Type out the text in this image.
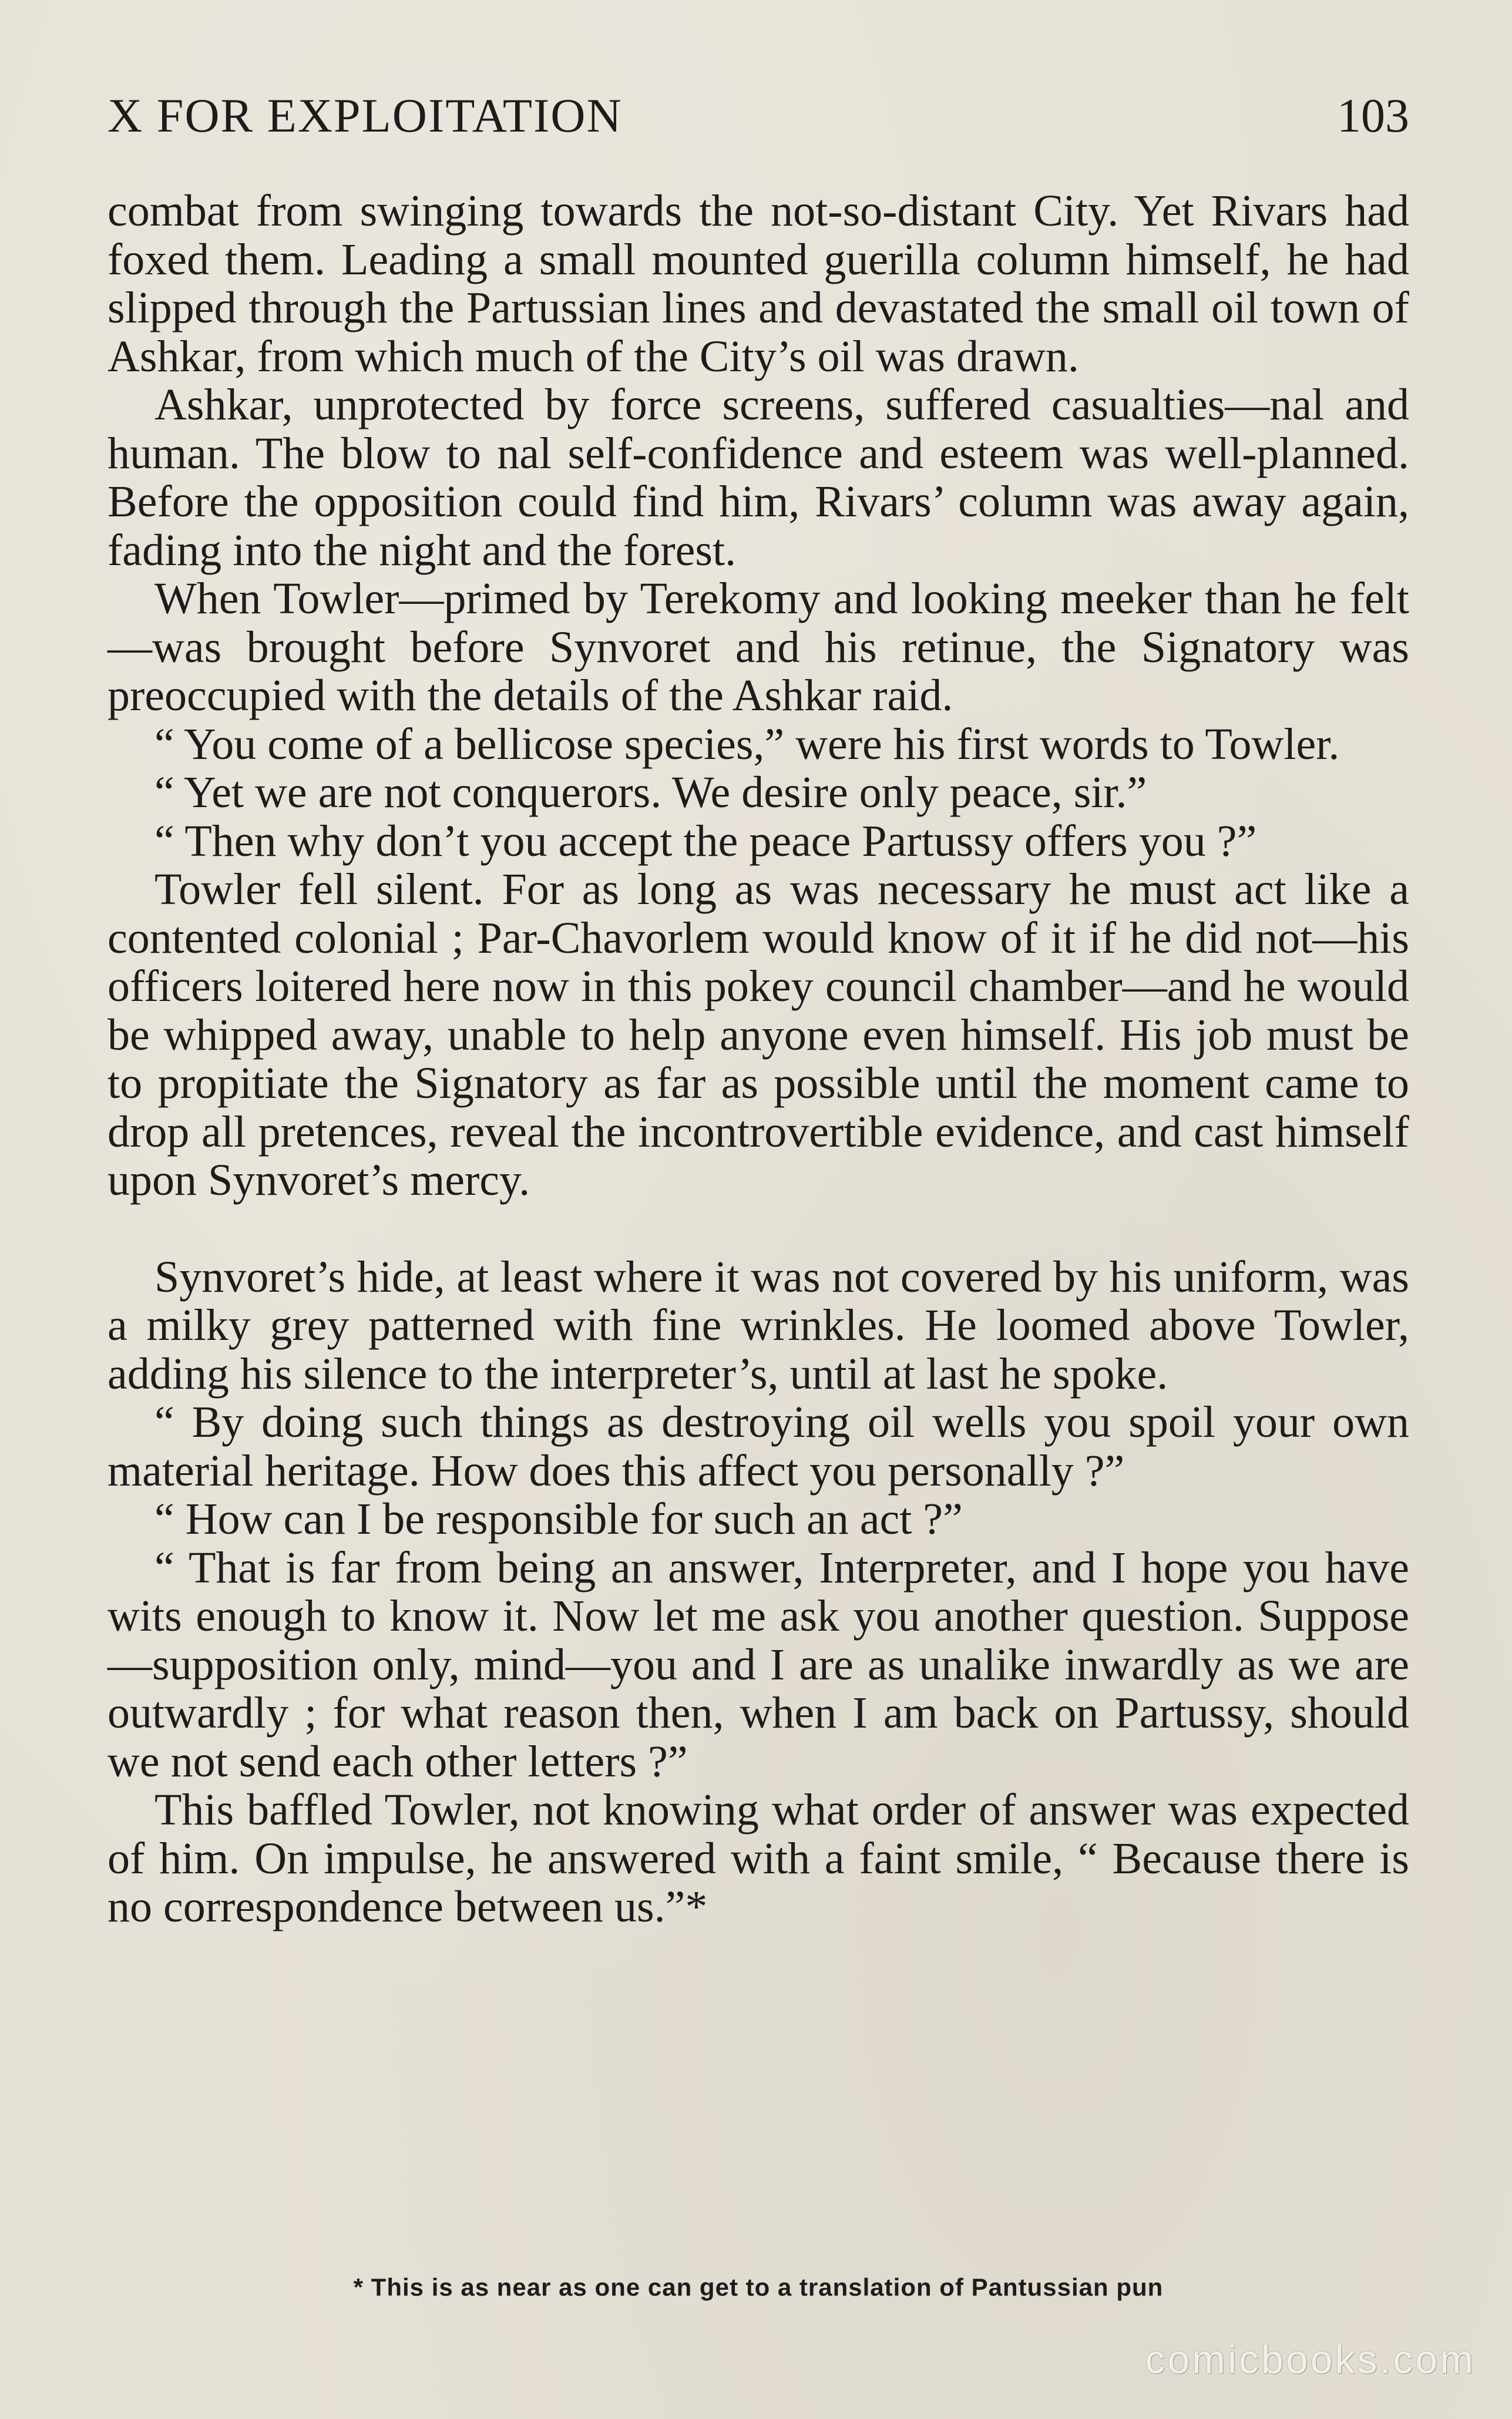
X FOR EXPLOITATION	103

combat from swinging towards the not-so-distant City. Yet Rivars had foxed them. Leading a small mounted guerilla column himself, he had slipped through the Partussian lines and devastated the small oil town of Ashkar, from which much of the City’s oil was drawn.

Ashkar, unprotected by force screens, suffered casualties—nal and human. The blow to nal self-confidence and esteem was well-planned. Before the opposition could find him, Rivars’ column was away again, fading into the night and the forest.

When Towler—primed by Terekomy and looking meeker than he felt—was brought before Synvoret and his retinue, the Signatory was preoccupied with the details of the Ashkar raid.

“ You come of a bellicose species,” were his first words to Towler.

“ Yet we are not conquerors. We desire only peace, sir.”

“ Then why don’t you accept the peace Partussy offers you ?”

Towler fell silent. For as long as was necessary he must act like a contented colonial ; Par-Chavorlem would know of it if he did not—his officers loitered here now in this pokey council chamber—and he would be whipped away, unable to help anyone even himself. His job must be to propitiate the Signatory as far as possible until the moment came to drop all pretences, reveal the incontrovertible evidence, and cast himself upon Synvoret’s mercy.

Synvoret’s hide, at least where it was not covered by his uniform, was a milky grey patterned with fine wrinkles. He loomed above Towler, adding his silence to the interpreter’s, until at last he spoke.

“ By doing such things as destroying oil wells you spoil your own material heritage. How does this affect you personally ?”

“ How can I be responsible for such an act ?”

“ That is far from being an answer, Interpreter, and I hope you have wits enough to know it. Now let me ask you another question. Suppose—supposition only, mind—you and I are as unalike inwardly as we are outwardly ; for what reason then, when I am back on Partussy, should we not send each other letters ?”

This baffled Towler, not knowing what order of answer was expected of him. On impulse, he answered with a faint smile, “ Because there is no correspondence between us.”*

* This is as near as one can get to a translation of Pantussian pun
comicbooks.com
